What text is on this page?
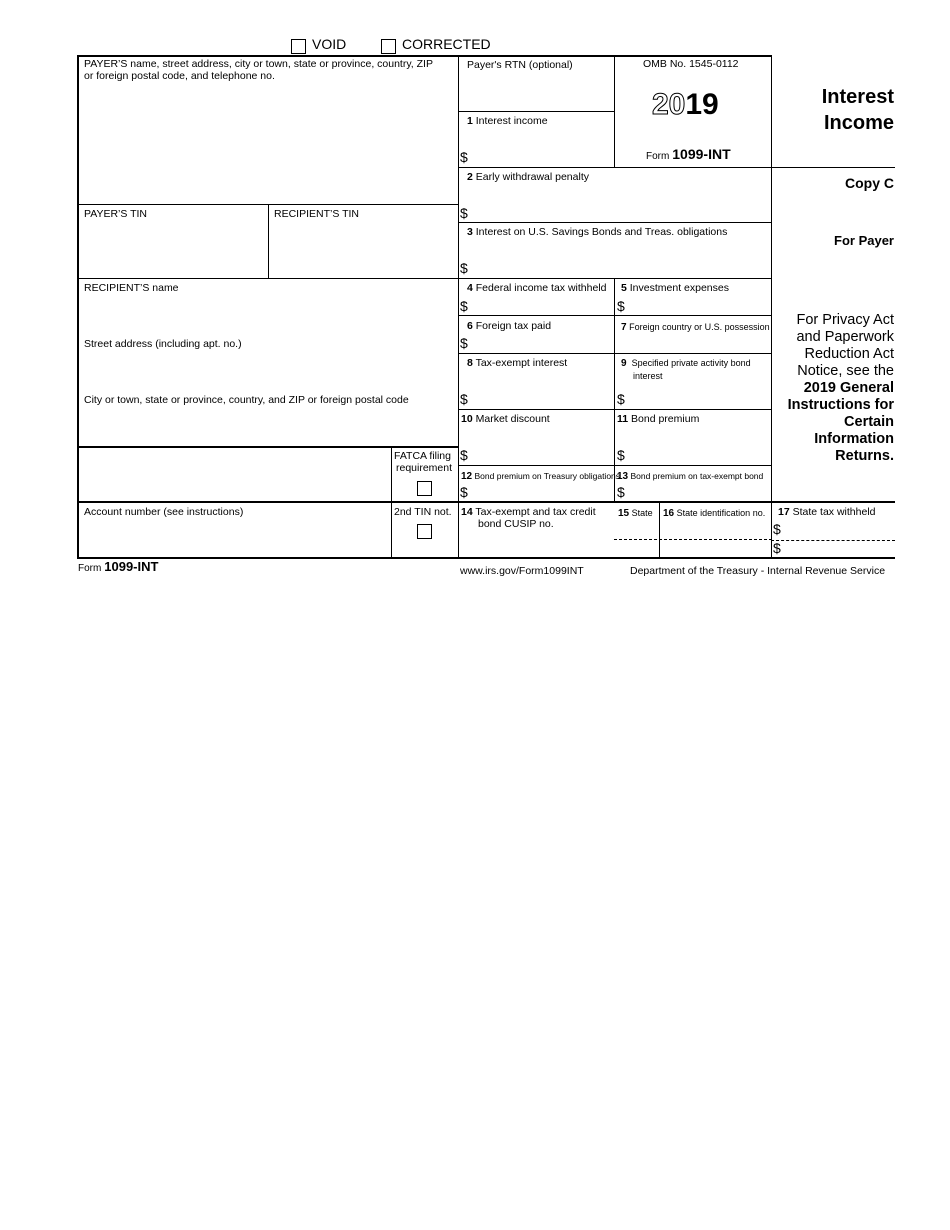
VOID	CORRECTED
PAYER’S name, street address, city or town, state or province, country, ZIP
or foreign postal code, and telephone no.
PAYER’S TIN	RECIPIENT’S TIN
RECIPIENT’S name
Street address (including apt. no.)
City or town, state or province, country, and ZIP or foreign postal code
FATCA filing
requirement
Account number (see instructions)	2nd TIN not.
Payer's RTN (optional)
1 Interest income
$
OMB No. 1545-0112
2019
Form 1099-INT
2 Early withdrawal penalty
$
3 Interest on U.S. Savings Bonds and Treas. obligations
$
4 Federal income tax withheld
$
5 Investment expenses
$
6 Foreign tax paid
$
7 Foreign country or U.S. possession
8 Tax-exempt interest
$
9 Specified private activity bond
interest
$
10 Market discount
$
11 Bond premium
$
12 Bond premium on Treasury obligations
$
13 Bond premium on tax-exempt bond
$
14 Tax-exempt and tax credit
bond CUSIP no.
15 State 16 State identification no. 17 State tax withheld
$
$
Interest
Income
Copy C
For Payer
For Privacy Act
and Paperwork
Reduction Act
Notice, see the
2019 General
Instructions for
Certain
Information
Returns.
Form 1099-INT	www.irs.gov/Form1099INT	Department of the Treasury - Internal Revenue Service
